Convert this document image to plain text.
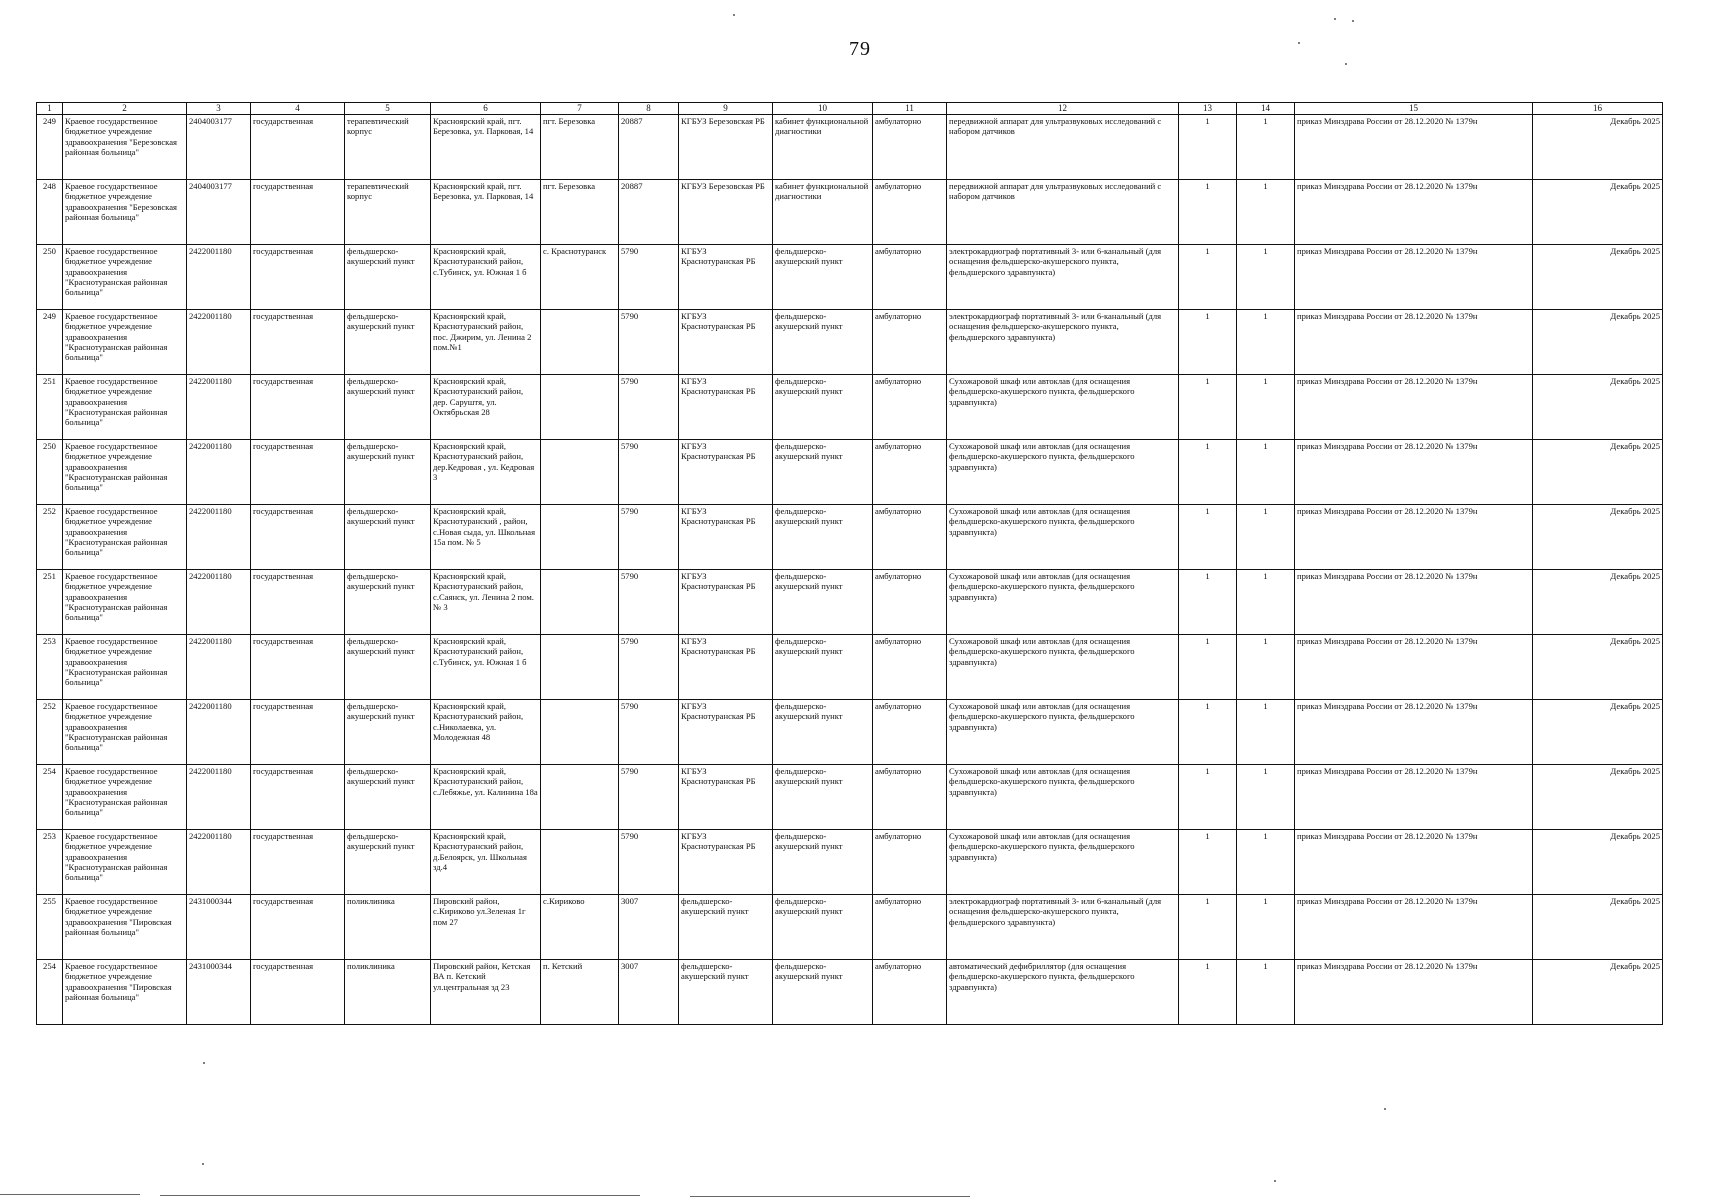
79
1	2	3	4	5	6	7	8	9	10	11	12	13	14	15	16
249	Краевое государственное бюджетное учреждение здравоохранения "Березовская районная больница"	2404003177	государственная	терапевтический корпус	Красноярский край, пгт. Березовка, ул. Парковая, 14	пгт. Березовка	20887	КГБУЗ Березовская РБ	кабинет функциональной диагностики	амбулаторно	передвижной аппарат для ультразвуковых исследований с набором датчиков	1	1	приказ Минздрава России от 28.12.2020 № 1379н	Декабрь 2025
248	Краевое государственное бюджетное учреждение здравоохранения "Березовская районная больница"	2404003177	государственная	терапевтический корпус	Красноярский край, пгт. Березовка, ул. Парковая, 14	пгт. Березовка	20887	КГБУЗ Березовская РБ	кабинет функциональной диагностики	амбулаторно	передвижной аппарат для ультразвуковых исследований с набором датчиков	1	1	приказ Минздрава России от 28.12.2020 № 1379н	Декабрь 2025
250	Краевое государственное бюджетное учреждение здравоохранения "Краснотуранская районная больница"	2422001180	государственная	фельдшерско-акушерский пункт	Красноярский край, Краснотуранский район, с.Тубинск, ул. Южная 1 б	с. Краснотуранск	5790	КГБУЗ Краснотуранская РБ	фельдшерско-акушерский пункт	амбулаторно	электрокардиограф портативный 3- или 6-канальный (для оснащения фельдшерско-акушерского пункта, фельдшерского здравпункта)	1	1	приказ Минздрава России от 28.12.2020 № 1379н	Декабрь 2025
249	Краевое государственное бюджетное учреждение здравоохранения "Краснотуранская районная больница"	2422001180	государственная	фельдшерско-акушерский пункт	Красноярский край, Краснотуранский район, пос. Джирим, ул. Ленина 2 пом.№1		5790	КГБУЗ Краснотуранская РБ	фельдшерско-акушерский пункт	амбулаторно	электрокардиограф портативный 3- или 6-канальный (для оснащения фельдшерско-акушерского пункта, фельдшерского здравпункта)	1	1	приказ Минздрава России от 28.12.2020 № 1379н	Декабрь 2025
251	Краевое государственное бюджетное учреждение здравоохранения "Краснотуранская районная больница"	2422001180	государственная	фельдшерско-акушерский пункт	Красноярский край, Краснотуранский район, дер. Саруштя, ул. Октябрьская 28		5790	КГБУЗ Краснотуранская РБ	фельдшерско-акушерский пункт	амбулаторно	Сухожаровой шкаф или автоклав (для оснащения фельдшерско-акушерского пункта, фельдшерского здравпункта)	1	1	приказ Минздрава России от 28.12.2020 № 1379н	Декабрь 2025
250	Краевое государственное бюджетное учреждение здравоохранения "Краснотуранская районная больница"	2422001180	государственная	фельдшерско-акушерский пункт	Красноярский край, Краснотуранский район, дер.Кедровая , ул. Кедровая 3		5790	КГБУЗ Краснотуранская РБ	фельдшерско-акушерский пункт	амбулаторно	Сухожаровой шкаф или автоклав (для оснащения фельдшерско-акушерского пункта, фельдшерского здравпункта)	1	1	приказ Минздрава России от 28.12.2020 № 1379н	Декабрь 2025
252	Краевое государственное бюджетное учреждение здравоохранения "Краснотуранская районная больница"	2422001180	государственная	фельдшерско-акушерский пункт	Красноярский край, Краснотуранский , район, с.Новая сыда, ул. Школьная 15а пом. № 5		5790	КГБУЗ Краснотуранская РБ	фельдшерско-акушерский пункт	амбулаторно	Сухожаровой шкаф или автоклав (для оснащения фельдшерско-акушерского пункта, фельдшерского здравпункта)	1	1	приказ Минздрава России от 28.12.2020 № 1379н	Декабрь 2025
251	Краевое государственное бюджетное учреждение здравоохранения "Краснотуранская районная больница"	2422001180	государственная	фельдшерско-акушерский пункт	Красноярский край, Краснотуранский район, с.Саянск, ул. Ленина 2 пом. № 3		5790	КГБУЗ Краснотуранская РБ	фельдшерско-акушерский пункт	амбулаторно	Сухожаровой шкаф или автоклав (для оснащения фельдшерско-акушерского пункта, фельдшерского здравпункта)	1	1	приказ Минздрава России от 28.12.2020 № 1379н	Декабрь 2025
253	Краевое государственное бюджетное учреждение здравоохранения "Краснотуранская районная больница"	2422001180	государственная	фельдшерско-акушерский пункт	Красноярский край, Краснотуранский район, с.Тубинск, ул. Южная 1 б		5790	КГБУЗ Краснотуранская РБ	фельдшерско-акушерский пункт	амбулаторно	Сухожаровой шкаф или автоклав (для оснащения фельдшерско-акушерского пункта, фельдшерского здравпункта)	1	1	приказ Минздрава России от 28.12.2020 № 1379н	Декабрь 2025
252	Краевое государственное бюджетное учреждение здравоохранения "Краснотуранская районная больница"	2422001180	государственная	фельдшерско-акушерский пункт	Красноярский край, Краснотуранский район, с.Николаевка, ул. Молодежная 48		5790	КГБУЗ Краснотуранская РБ	фельдшерско-акушерский пункт	амбулаторно	Сухожаровой шкаф или автоклав (для оснащения фельдшерско-акушерского пункта, фельдшерского здравпункта)	1	1	приказ Минздрава России от 28.12.2020 № 1379н	Декабрь 2025
254	Краевое государственное бюджетное учреждение здравоохранения "Краснотуранская районная больница"	2422001180	государственная	фельдшерско-акушерский пункт	Красноярский край, Краснотуранский район, с.Лебяжье, ул. Калинина 18а		5790	КГБУЗ Краснотуранская РБ	фельдшерско-акушерский пункт	амбулаторно	Сухожаровой шкаф или автоклав (для оснащения фельдшерско-акушерского пункта, фельдшерского здравпункта)	1	1	приказ Минздрава России от 28.12.2020 № 1379н	Декабрь 2025
253	Краевое государственное бюджетное учреждение здравоохранения "Краснотуранская районная больница"	2422001180	государственная	фельдшерско-акушерский пункт	Красноярский край, Краснотуранский район, д.Белоярск, ул. Школьная зд.4		5790	КГБУЗ Краснотуранская РБ	фельдшерско-акушерский пункт	амбулаторно	Сухожаровой шкаф или автоклав (для оснащения фельдшерско-акушерского пункта, фельдшерского здравпункта)	1	1	приказ Минздрава России от 28.12.2020 № 1379н	Декабрь 2025
255	Краевое государственное бюджетное учреждение здравоохранения "Пировская районная больница"	2431000344	государственная	поликлиника	Пировский район, с.Кириково ул.Зеленая 1г пом 27	с.Кириково	3007	фельдшерско-акушерский пункт	фельдшерско-акушерский пункт	амбулаторно	электрокардиограф портативный 3- или 6-канальный (для оснащения фельдшерско-акушерского пункта, фельдшерского здравпункта)	1	1	приказ Минздрава России от 28.12.2020 № 1379н	Декабрь 2025
254	Краевое государственное бюджетное учреждение здравоохранения "Пировская районная больница"	2431000344	государственная	поликлиника	Пировский район, Кетская ВА п. Кетский ул.центральная зд 23	п. Кетский	3007	фельдшерско-акушерский пункт	фельдшерско-акушерский пункт	амбулаторно	автоматический дефибриллятор (для оснащения фельдшерско-акушерского пункта, фельдшерского здравпункта)	1	1	приказ Минздрава России от 28.12.2020 № 1379н	Декабрь 2025
